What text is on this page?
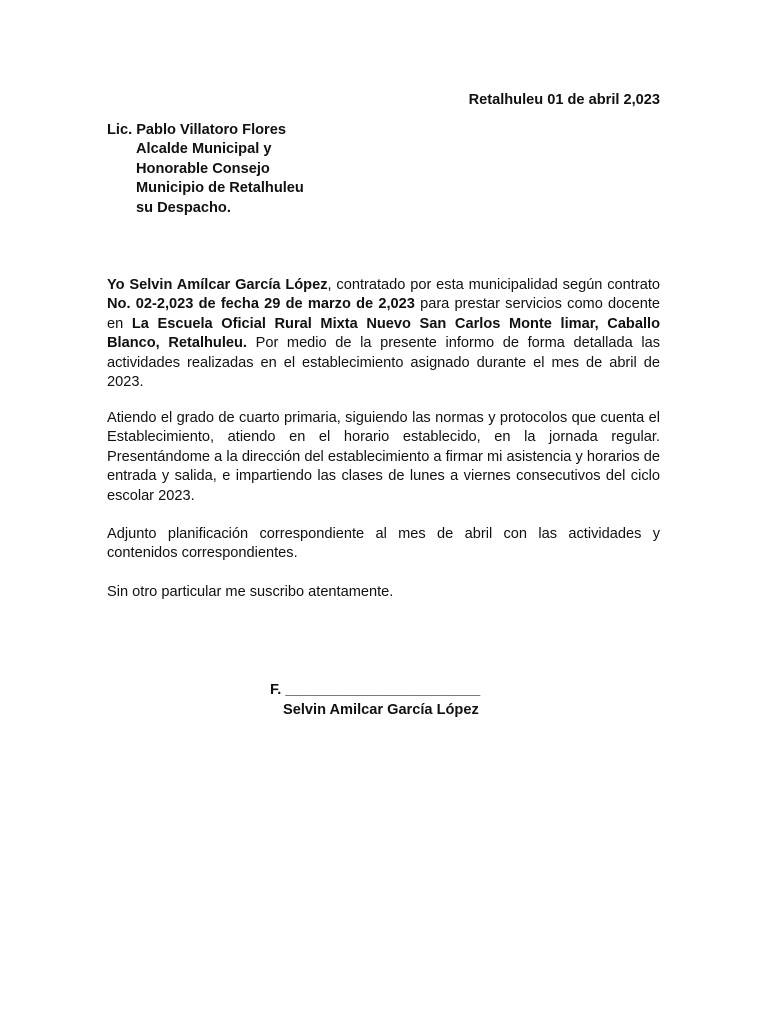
Retalhuleu 01 de abril 2,023
Lic. Pablo Villatoro Flores
Alcalde Municipal y
Honorable Consejo
Municipio de Retalhuleu
su Despacho.

Yo Selvin Amílcar García López, contratado por esta municipalidad según contrato No. 02-2,023 de fecha 29 de marzo de 2,023 para prestar servicios como docente en La Escuela Oficial Rural Mixta Nuevo San Carlos Monte limar, Caballo Blanco, Retalhuleu. Por medio de la presente informo de forma detallada las actividades realizadas en el establecimiento asignado durante el mes de abril de 2023.

Atiendo el grado de cuarto primaria, siguiendo las normas y protocolos que cuenta el Establecimiento, atiendo en el horario establecido, en la jornada regular. Presentándome a la dirección del establecimiento a firmar mi asistencia y horarios de entrada y salida, e impartiendo las clases de lunes a viernes consecutivos del ciclo escolar 2023.

Adjunto planificación correspondiente al mes de abril con las actividades y contenidos correspondientes.

Sin otro particular me suscribo atentamente.

F. ________________________
Selvin Amilcar García López
